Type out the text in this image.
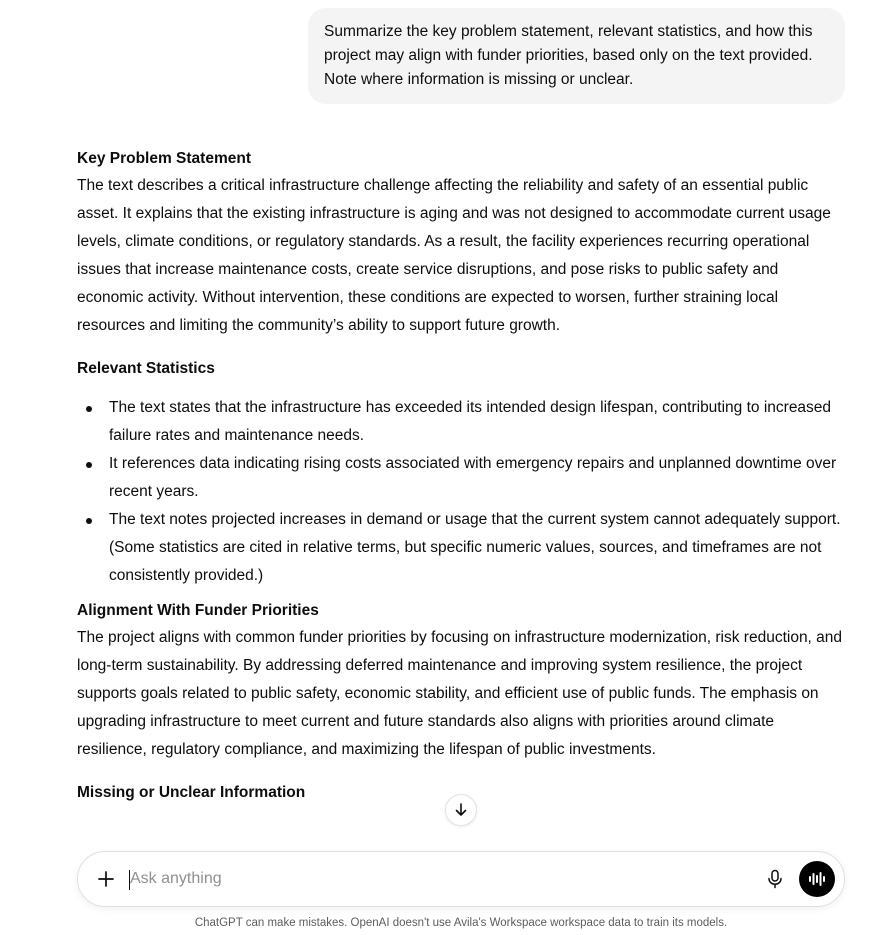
Summarize the key problem statement, relevant statistics, and how this project may align with funder priorities, based only on the text provided. Note where information is missing or unclear.
Key Problem Statement

The text describes a critical infrastructure challenge affecting the reliability and safety of an essential public asset. It explains that the existing infrastructure is aging and was not designed to accommodate current usage levels, climate conditions, or regulatory standards. As a result, the facility experiences recurring operational issues that increase maintenance costs, create service disruptions, and pose risks to public safety and economic activity. Without intervention, these conditions are expected to worsen, further straining local resources and limiting the community’s ability to support future growth.

Relevant Statistics
The text states that the infrastructure has exceeded its intended design lifespan, contributing to increased failure rates and maintenance needs.
It references data indicating rising costs associated with emergency repairs and unplanned downtime over recent years.
The text notes projected increases in demand or usage that the current system cannot adequately support.
(Some statistics are cited in relative terms, but specific numeric values, sources, and timeframes are not consistently provided.)
Alignment With Funder Priorities

The project aligns with common funder priorities by focusing on infrastructure modernization, risk reduction, and long-term sustainability. By addressing deferred maintenance and improving system resilience, the project supports goals related to public safety, economic stability, and efficient use of public funds. The emphasis on upgrading infrastructure to meet current and future standards also aligns with priorities around climate resilience, regulatory compliance, and maximizing the lifespan of public investments.

Missing or Unclear Information
Ask anything
ChatGPT can make mistakes. OpenAI doesn't use Avila's Workspace workspace data to train its models.
